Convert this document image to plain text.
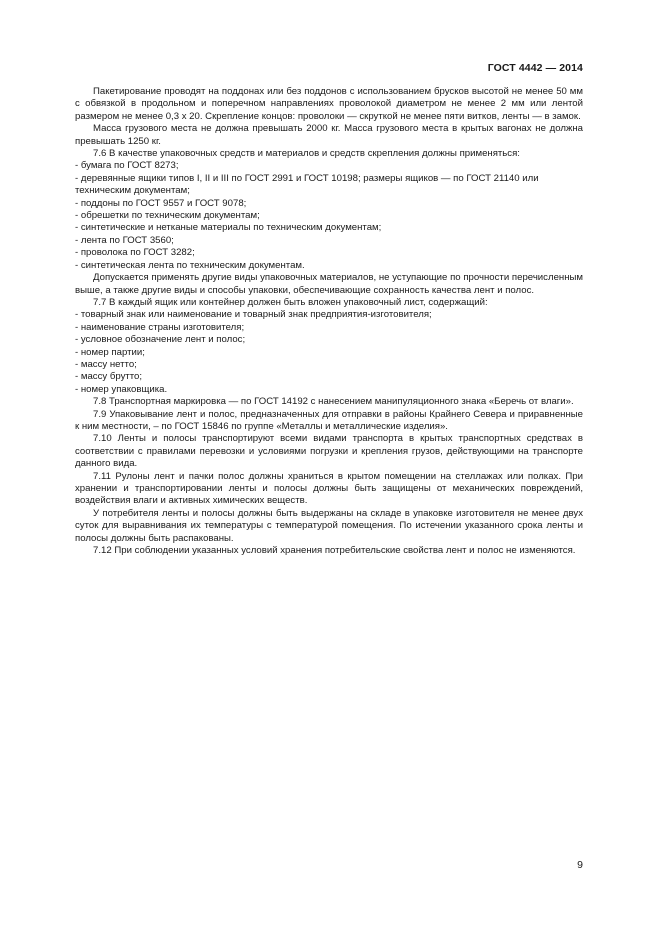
ГОСТ 4442 — 2014

Пакетирование проводят на поддонах или без поддонов с использованием брусков высотой не менее 50 мм с обвязкой в продольном и поперечном направлениях проволокой диаметром не менее 2 мм или лентой размером не менее 0,3 х 20. Скрепление концов: проволоки — скруткой не менее пяти витков, ленты — в замок.

Масса грузового места не должна превышать 2000 кг. Масса грузового места в крытых вагонах не должна превышать 1250 кг.

7.6 В качестве упаковочных средств и материалов и средств скрепления должны применяться:

- бумага по ГОСТ 8273;

- деревянные ящики типов I, II и III по ГОСТ 2991 и ГОСТ 10198; размеры ящиков — по ГОСТ 21140 или техническим документам;

- поддоны по ГОСТ 9557 и ГОСТ 9078;

- обрешетки по техническим документам;

- синтетические и нетканые материалы по техническим документам;

- лента по ГОСТ 3560;

- проволока по ГОСТ 3282;

- синтетическая лента по техническим документам.

Допускается применять другие виды упаковочных материалов, не уступающие по прочности перечисленным выше, а также другие виды и способы упаковки, обеспечивающие сохранность качества лент и полос.

7.7 В каждый ящик или контейнер должен быть вложен упаковочный лист, содержащий:

- товарный знак или наименование и товарный знак предприятия-изготовителя;

- наименование страны изготовителя;

- условное обозначение лент и полос;

- номер партии;

- массу нетто;

- массу брутто;

- номер упаковщика.

7.8 Транспортная маркировка — по ГОСТ 14192 с нанесением манипуляционного знака «Беречь от влаги».

7.9 Упаковывание лент и полос, предназначенных для отправки в районы Крайнего Севера и приравненные к ним местности, – по ГОСТ 15846 по группе «Металлы и металлические изделия».

7.10 Ленты и полосы транспортируют всеми видами транспорта в крытых транспортных средствах в соответствии с правилами перевозки и условиями погрузки и крепления грузов, действующими на транспорте данного вида.

7.11 Рулоны лент и пачки полос должны храниться в крытом помещении на стеллажах или полках. При хранении и транспортировании ленты и полосы должны быть защищены от механических повреждений, воздействия влаги и активных химических веществ.

У потребителя ленты и полосы должны быть выдержаны на складе в упаковке изготовителя не менее двух суток для выравнивания их температуры с температурой помещения. По истечении указанного срока ленты и полосы должны быть распакованы.

7.12 При соблюдении указанных условий хранения потребительские свойства лент и полос не изменяются.

9
